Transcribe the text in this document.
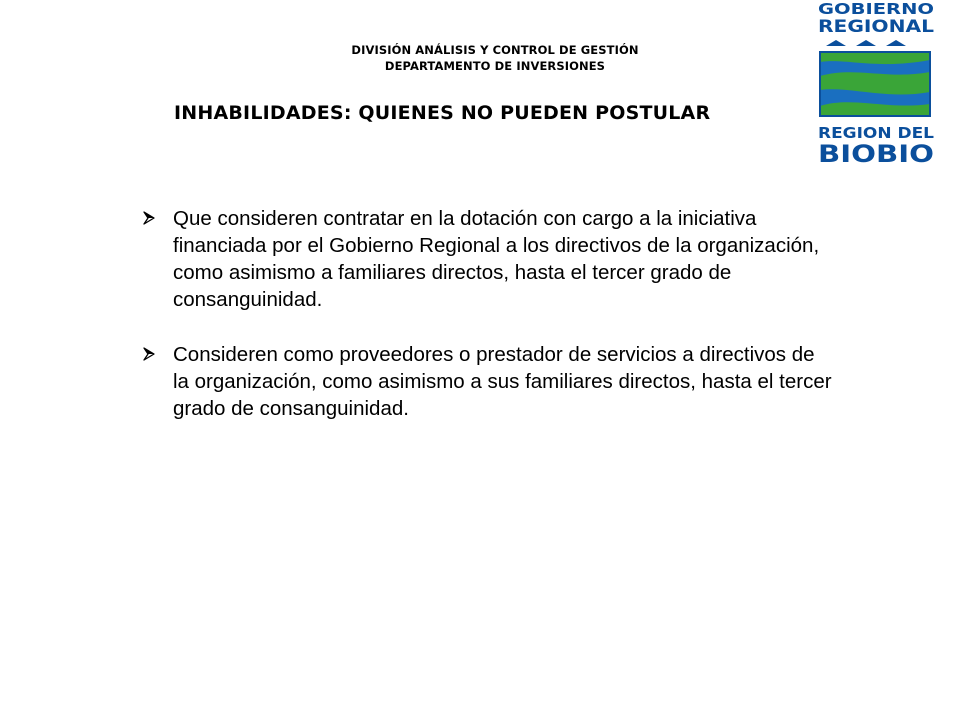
DIVISIÓN ANÁLISIS Y CONTROL DE GESTIÓN
DEPARTAMENTO DE INVERSIONES
INHABILIDADES: QUIENES NO PUEDEN POSTULAR
Que consideren contratar en la dotación con cargo a la iniciativa financiada por el Gobierno Regional a los directivos de la organización, como asimismo a familiares directos, hasta el tercer grado de consanguinidad.
Consideren como proveedores o prestador de servicios a directivos de la organización, como asimismo a sus familiares directos, hasta el tercer grado de consanguinidad.
GOBIERNO
REGIONAL
REGION DEL
BIOBIO
